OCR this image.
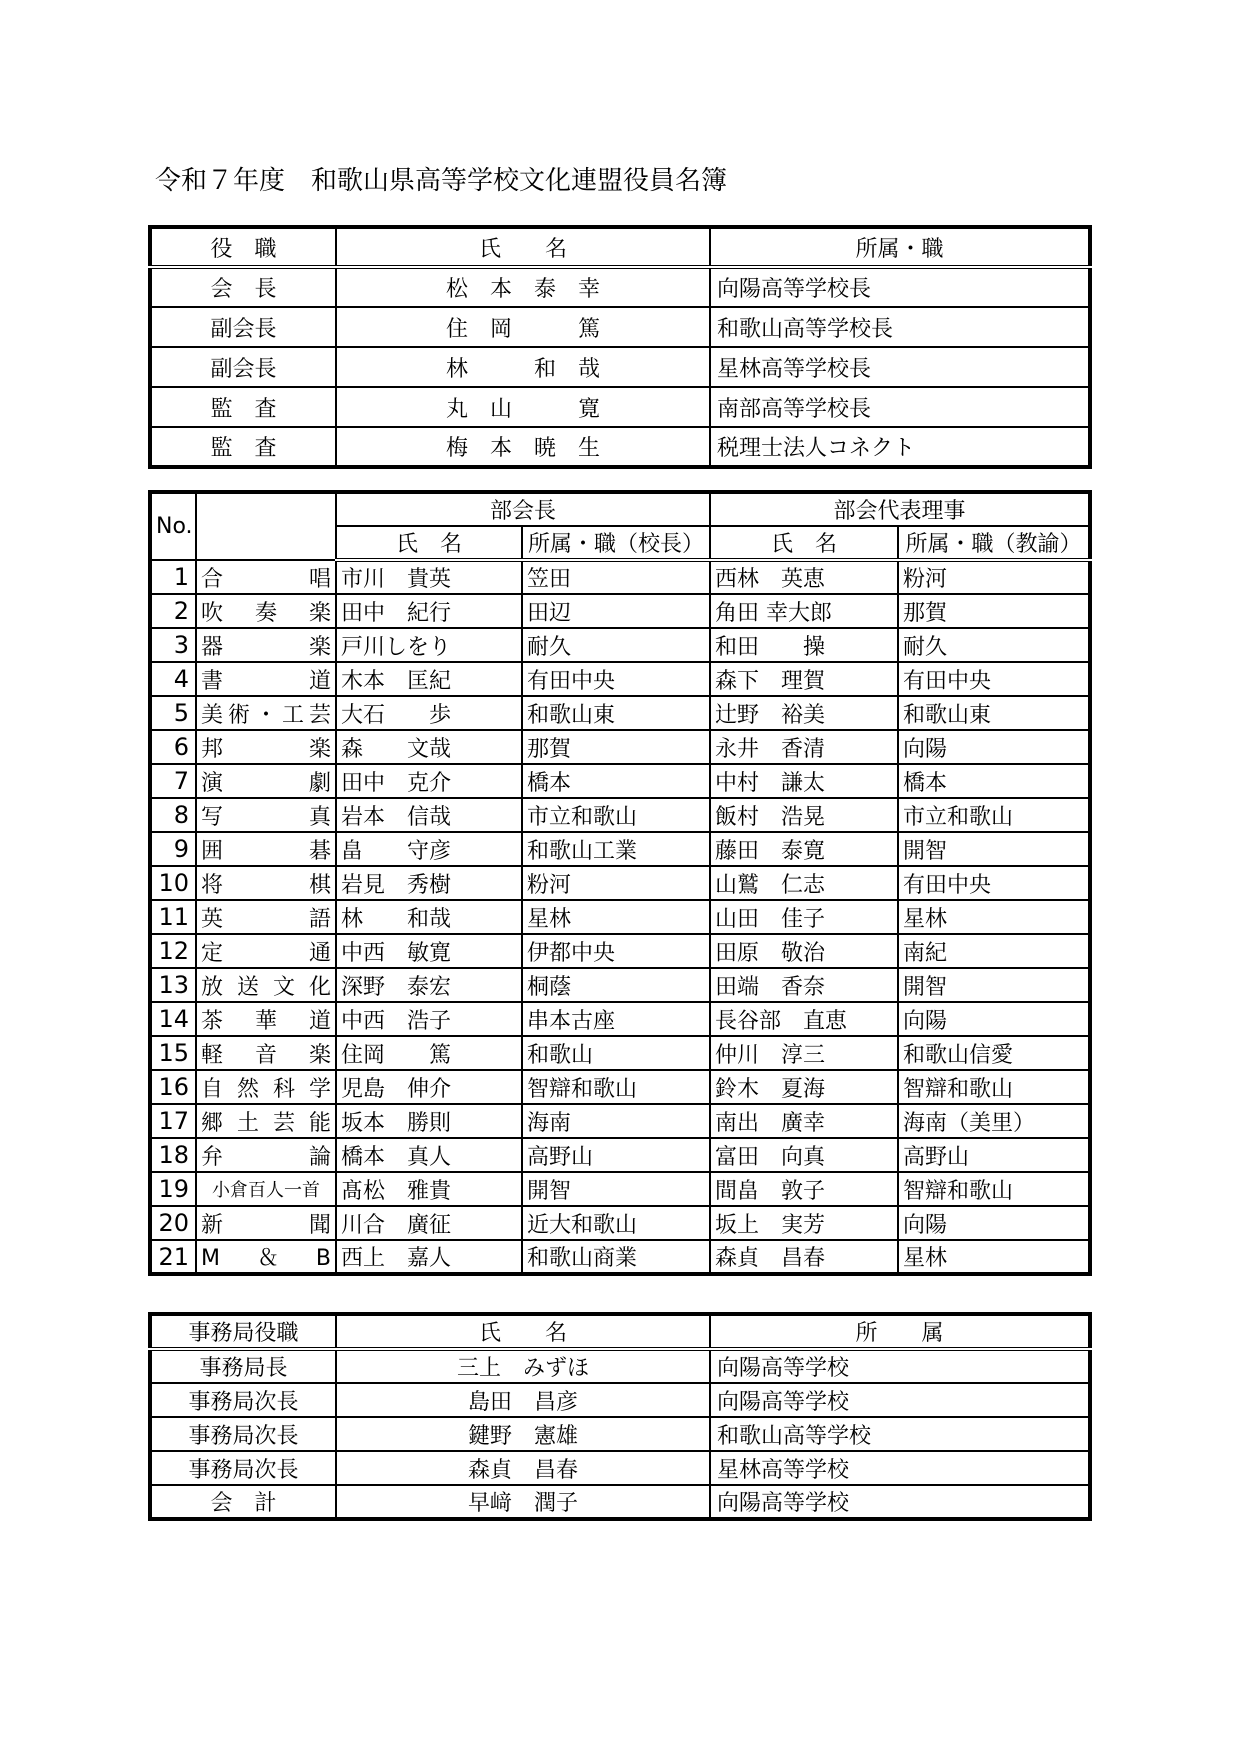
令和７年度　和歌山県高等学校文化連盟役員名簿
役　職	氏　　名	所属・職
会　長	松　本　泰　幸	向陽高等学校長
副会長	住　岡　　　篤	和歌山高等学校長
副会長	林　　　和　哉	星林高等学校長
監　査	丸　山　　　寛	南部高等学校長
監　査	梅　本　暁　生	税理士法人コネクト
No.		部会長		部会代表理事	
		氏　名	所属・職（校長）	氏　名	所属・職（教諭）
1	合唱	市川　貴英	笠田	西林　英恵	粉河
2	吹奏楽	田中　紀行	田辺	角田 幸大郎	那賀
3	器楽	戸川しをり	耐久	和田　　操	耐久
4	書道	木本　匡紀	有田中央	森下　理賀	有田中央
5	美術・工芸	大石　　歩	和歌山東	辻野　裕美	和歌山東
6	邦楽	森　　文哉	那賀	永井　香清	向陽
7	演劇	田中　克介	橋本	中村　謙太	橋本
8	写真	岩本　信哉	市立和歌山	飯村　浩晃	市立和歌山
9	囲碁	畠　　守彦	和歌山工業	藤田　泰寛	開智
10	将棋	岩見　秀樹	粉河	山鷲　仁志	有田中央
11	英語	林　　和哉	星林	山田　佳子	星林
12	定通	中西　敏寛	伊都中央	田原　敬治	南紀
13	放送文化	深野　泰宏	桐蔭	田端　香奈	開智
14	茶華道	中西　浩子	串本古座	長谷部　直恵	向陽
15	軽音楽	住岡　　篤	和歌山	仲川　淳三	和歌山信愛
16	自然科学	児島　伸介	智辯和歌山	鈴木　夏海	智辯和歌山
17	郷土芸能	坂本　勝則	海南	南出　廣幸	海南（美里）
18	弁論	橋本　真人	高野山	富田　向真	高野山
19	小倉百人一首	髙松　雅貴	開智	間畠　敦子	智辯和歌山
20	新聞	川合　廣征	近大和歌山	坂上　実芳	向陽
21	M＆B	西上　嘉人	和歌山商業	森貞　昌春	星林
事務局役職	氏　　名	所　　属
事務局長	三上　みずほ	向陽高等学校
事務局次長	島田　昌彦	向陽高等学校
事務局次長	鍵野　憲雄	和歌山高等学校
事務局次長	森貞　昌春	星林高等学校
会　計	早﨑　潤子	向陽高等学校
